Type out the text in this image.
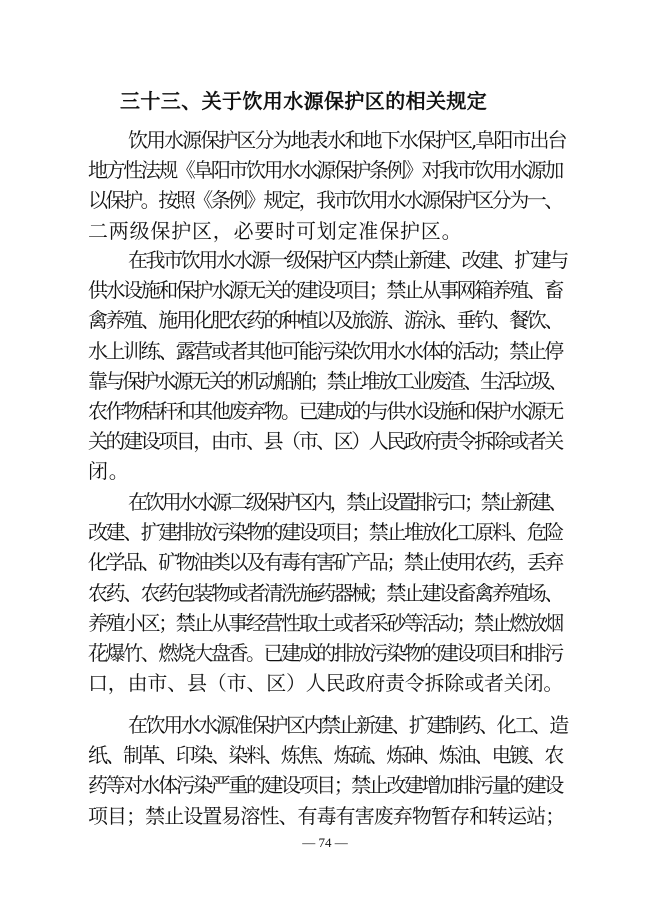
三十三、关于饮用水源保护区的相关规定
饮用水源保护区分为地表水和地下水保护区,阜阳市出台
地方性法规《阜阳市饮用水水源保护条例》对我市饮用水源加
以保护。按照《条例》规定，我市饮用水水源保护区分为一、
二两级保护区，必要时可划定准保护区。
在我市饮用水水源一级保护区内禁止新建、改建、扩建与
供水设施和保护水源无关的建设项目；禁止从事网箱养殖、畜
禽养殖、施用化肥农药的种植以及旅游、游泳、垂钓、餐饮、
水上训练、露营或者其他可能污染饮用水水体的活动；禁止停
靠与保护水源无关的机动船舶；禁止堆放工业废渣、生活垃圾、
农作物秸秆和其他废弃物。已建成的与供水设施和保护水源无
关的建设项目，由市、县（市、区）人民政府责令拆除或者关
闭。
在饮用水水源二级保护区内，禁止设置排污口；禁止新建、
改建、扩建排放污染物的建设项目；禁止堆放化工原料、危险
化学品、矿物油类以及有毒有害矿产品；禁止使用农药，丢弃
农药、农药包装物或者清洗施药器械；禁止建设畜禽养殖场、
养殖小区；禁止从事经营性取土或者采砂等活动；禁止燃放烟
花爆竹、燃烧大盘香。已建成的排放污染物的建设项目和排污
口，由市、县（市、区）人民政府责令拆除或者关闭。
在饮用水水源准保护区内禁止新建、扩建制药、化工、造
纸、制革、印染、染料、炼焦、炼硫、炼砷、炼油、电镀、农
药等对水体污染严重的建设项目；禁止改建增加排污量的建设
项目；禁止设置易溶性、有毒有害废弃物暂存和转运站；
— 74 —
